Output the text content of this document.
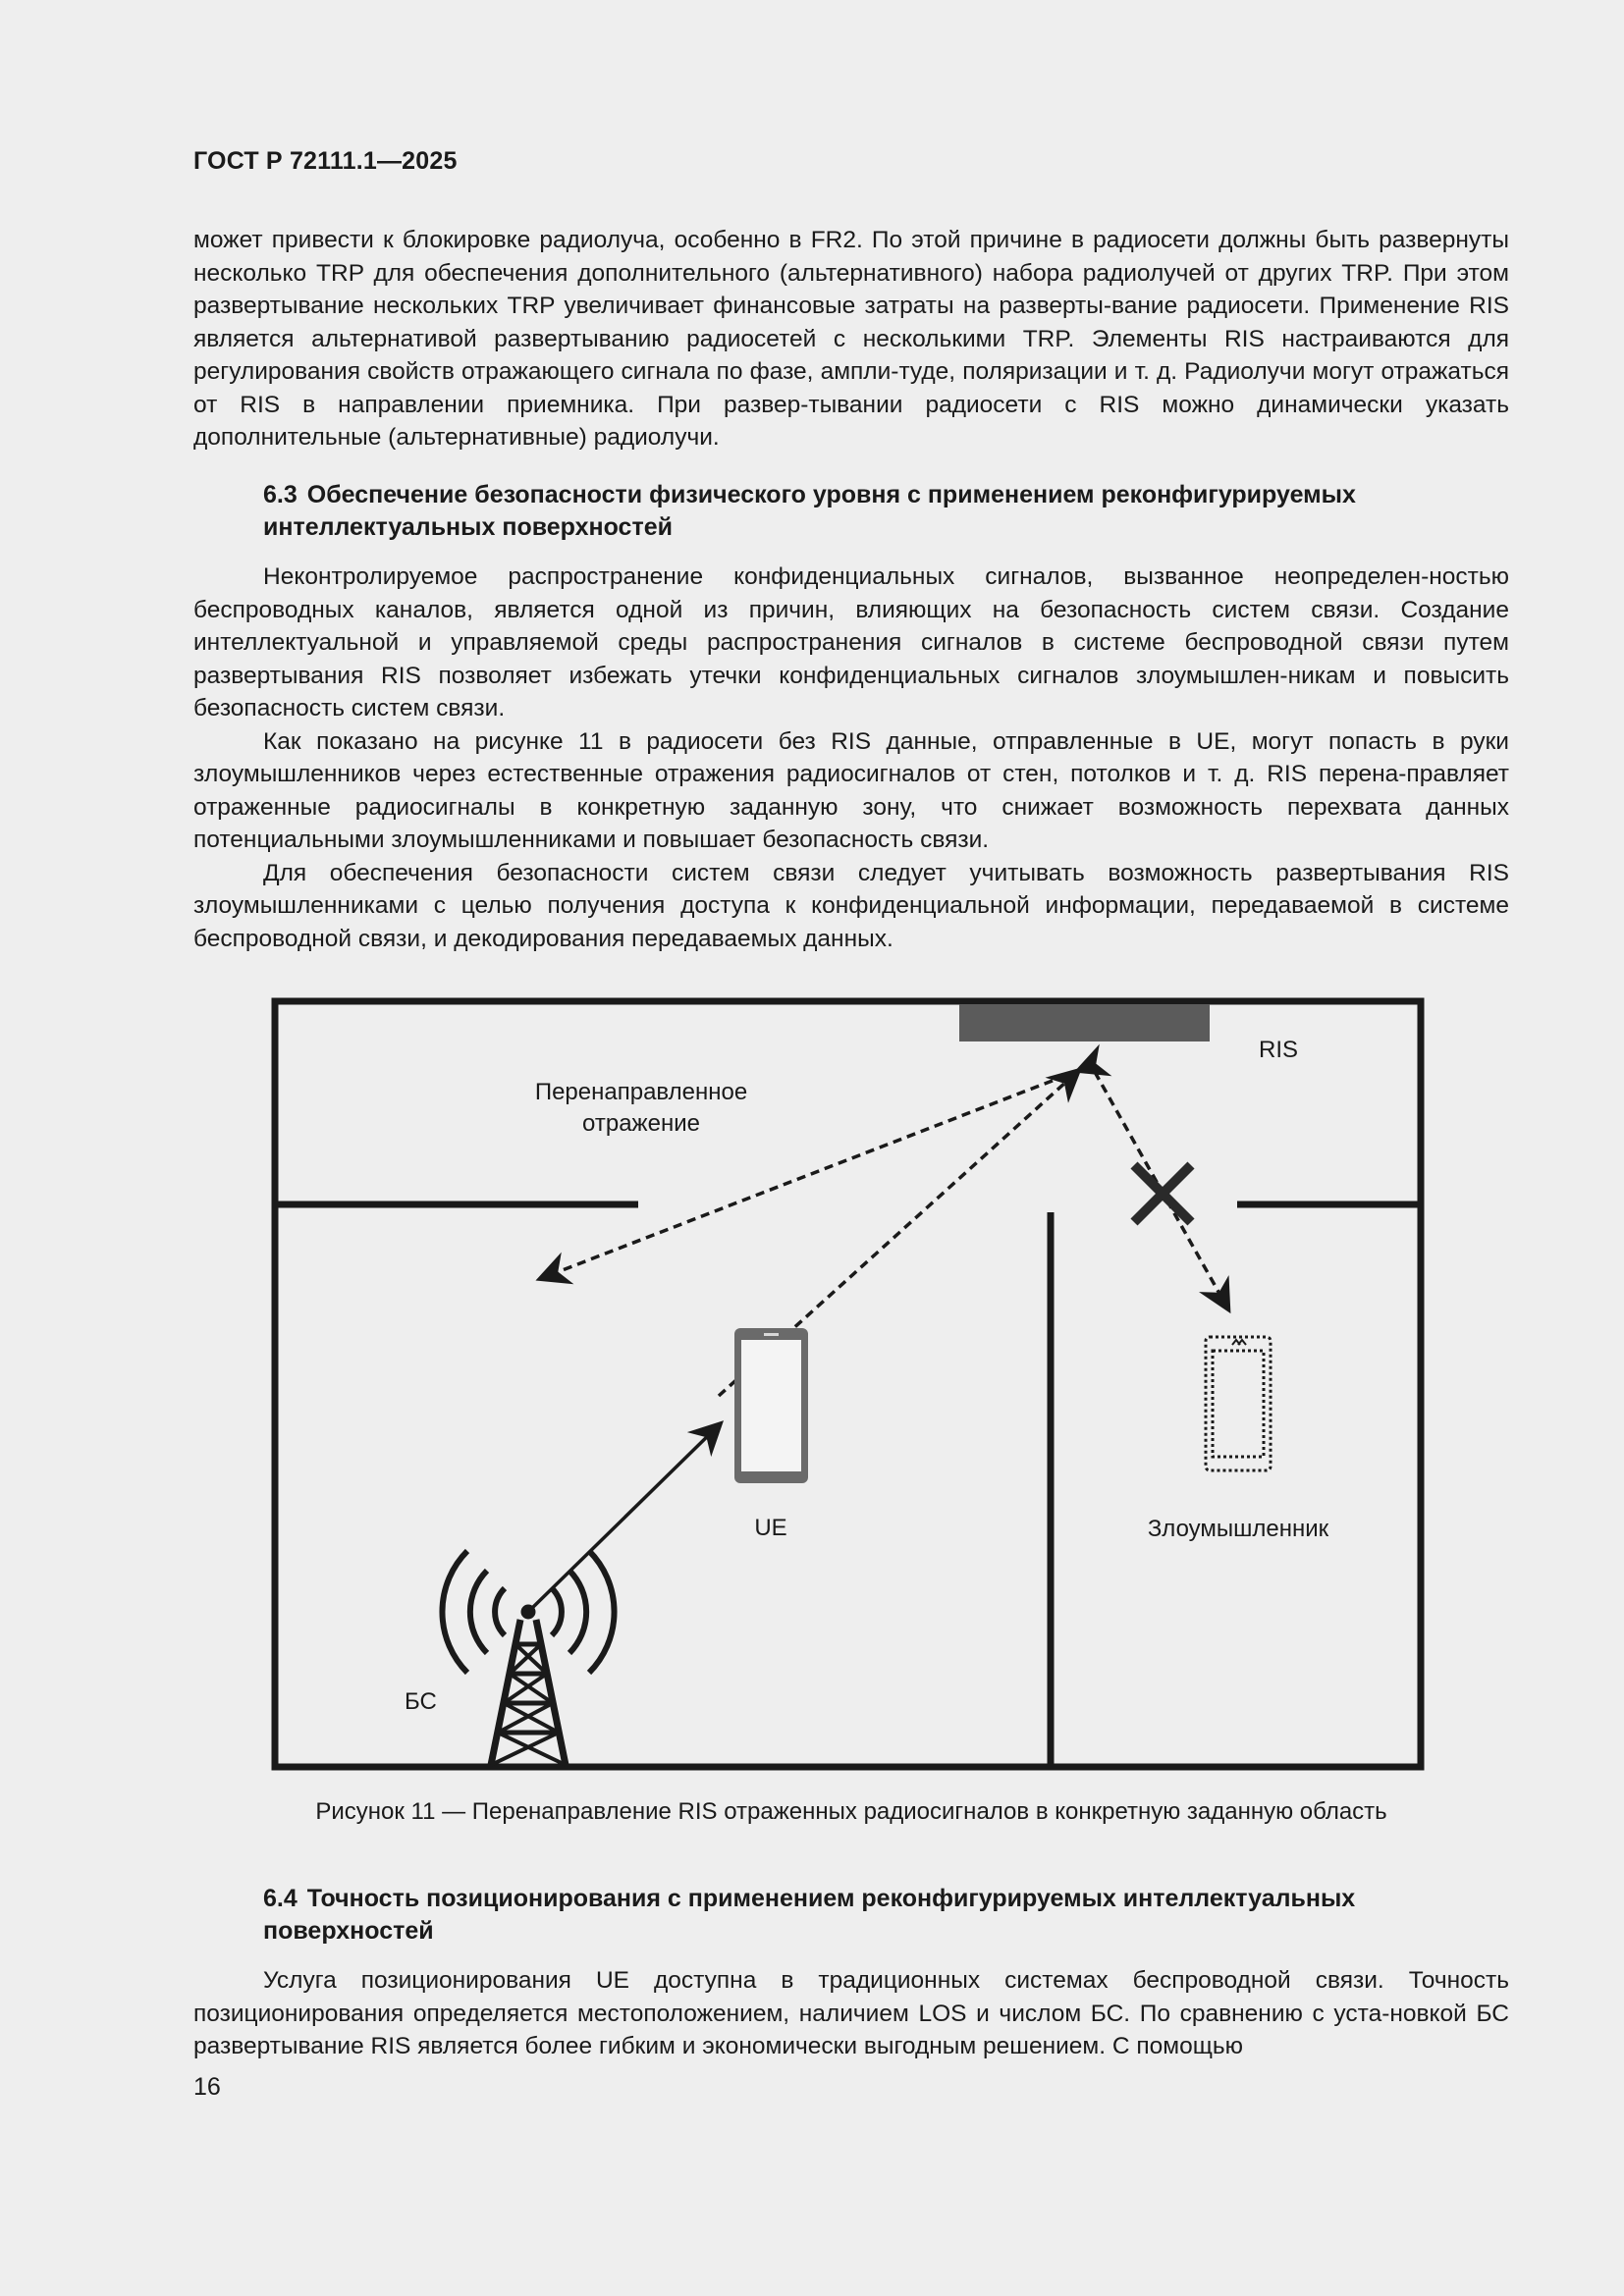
ГОСТ Р 72111.1—2025

может привести к блокировке радиолуча, особенно в FR2. По этой причине в радиосети должны быть развернуты несколько TRP для обеспечения дополнительного (альтернативного) набора радиолучей от других TRP. При этом развертывание нескольких TRP увеличивает финансовые затраты на разверты-вание радиосети. Применение RIS является альтернативой развертыванию радиосетей с несколькими TRP. Элементы RIS настраиваются для регулирования свойств отражающего сигнала по фазе, ампли-туде, поляризации и т. д. Радиолучи могут отражаться от RIS в направлении приемника. При развер-тывании радиосети с RIS можно динамически указать дополнительные (альтернативные) радиолучи.

6.3 Обеспечение безопасности физического уровня с применением реконфигурируемых интеллектуальных поверхностей

Неконтролируемое распространение конфиденциальных сигналов, вызванное неопределен-ностью беспроводных каналов, является одной из причин, влияющих на безопасность систем связи. Создание интеллектуальной и управляемой среды распространения сигналов в системе беспроводной связи путем развертывания RIS позволяет избежать утечки конфиденциальных сигналов злоумышлен-никам и повысить безопасность систем связи.

Как показано на рисунке 11 в радиосети без RIS данные, отправленные в UE, могут попасть в руки злоумышленников через естественные отражения радиосигналов от стен, потолков и т. д. RIS перена-правляет отраженные радиосигналы в конкретную заданную зону, что снижает возможность перехвата данных потенциальными злоумышленниками и повышает безопасность связи.

Для обеспечения безопасности систем связи следует учитывать возможность развертывания RIS злоумышленниками с целью получения доступа к конфиденциальной информации, передаваемой в системе беспроводной связи, и декодирования передаваемых данных.

RIS
Перенаправленное
отражение
UE	Злоумышленник
БС
Рисунок 11 — Перенаправление RIS отраженных радиосигналов в конкретную заданную область
6.4 Точность позиционирования с применением реконфигурируемых интеллектуальных поверхностей

Услуга позиционирования UE доступна в традиционных системах беспроводной связи. Точность позиционирования определяется местоположением, наличием LOS и числом БС. По сравнению с уста-новкой БС развертывание RIS является более гибким и экономически выгодным решением. С помощью

16
